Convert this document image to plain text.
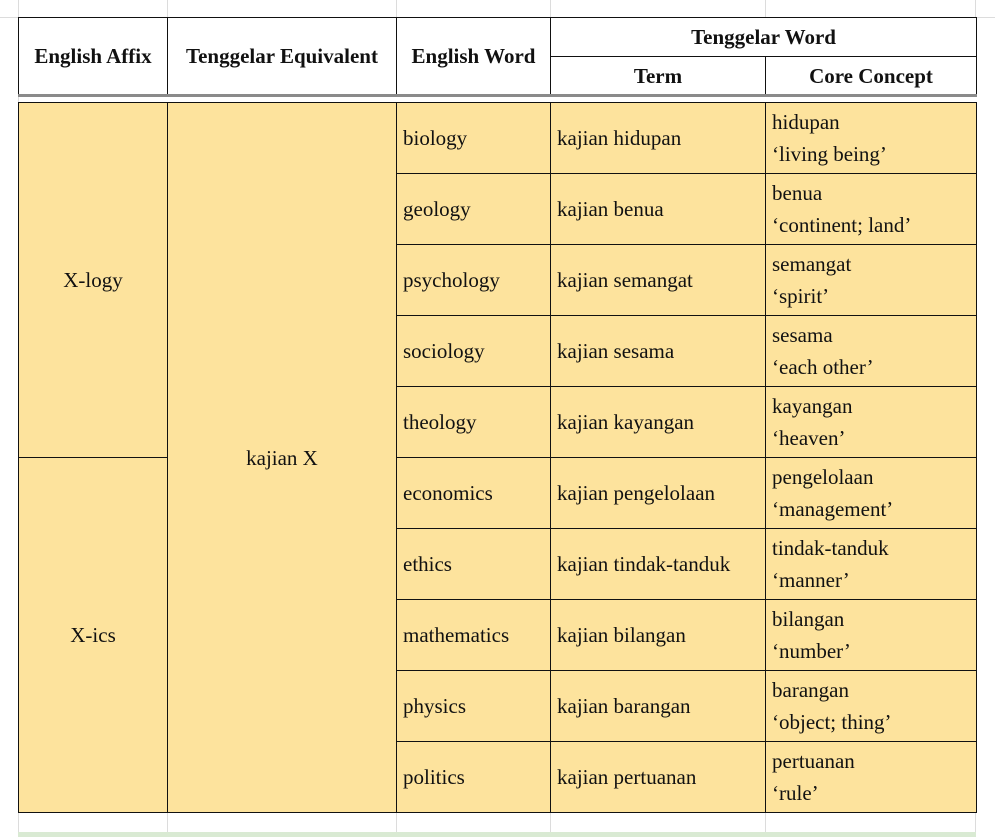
English Affix	Tenggelar Equivalent	English Word	Tenggelar Word	
			Term	Core Concept

X-logy	kajian X	biology	kajian hidupan	hidupan
‘living being’

		geology	kajian benua	benua
‘continent; land’

		psychology	kajian semangat	semangat
‘spirit’

		sociology	kajian sesama	sesama
‘each other’

		theology	kajian kayangan	kayangan
‘heaven’

X-ics		economics	kajian pengelolaan	pengelolaan
‘management’

		ethics	kajian tindak-tanduk	tindak-tanduk
‘manner’

		mathematics	kajian bilangan	bilangan
‘number’

		physics	kajian barangan	barangan
‘object; thing’

		politics	kajian pertuanan	pertuanan
‘rule’
